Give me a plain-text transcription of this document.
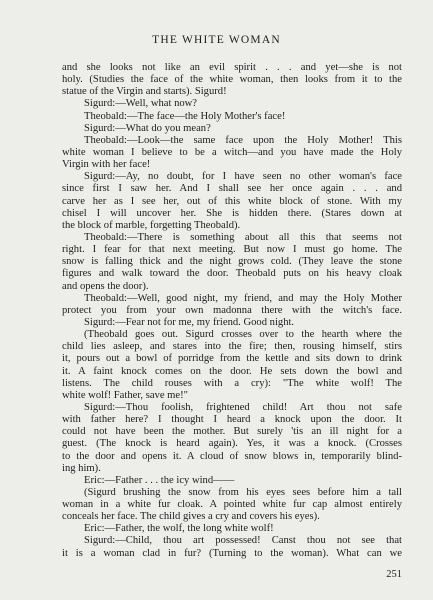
THE WHITE WOMAN
and she looks not like an evil spirit . . . and yet—she is not
holy. (Studies the face of the white woman, then looks from it to the
statue of the Virgin and starts). Sigurd!
Sigurd:—Well, what now?
Theobald:—The face—the Holy Mother's face!
Sigurd:—What do you mean?
Theobald:—Look—the same face upon the Holy Mother! This
white woman I believe to be a witch—and you have made the Holy
Virgin with her face!
Sigurd:—Ay, no doubt, for I have seen no other woman's face
since first I saw her. And I shall see her once again . . . and
carve her as I see her, out of this white block of stone. With my
chisel I will uncover her. She is hidden there. (Stares down at
the block of marble, forgetting Theobald).
Theobald:—There is something about all this that seems not
right. I fear for that next meeting. But now I must go home. The
snow is falling thick and the night grows cold. (They leave the stone
figures and walk toward the door. Theobald puts on his heavy cloak
and opens the door).
Theobald:—Well, good night, my friend, and may the Holy Mother
protect you from your own madonna there with the witch's face.
Sigurd:—Fear not for me, my friend. Good night.
(Theobald goes out. Sigurd crosses over to the hearth where the
child lies asleep, and stares into the fire; then, rousing himself, stirs
it, pours out a bowl of porridge from the kettle and sits down to drink
it. A faint knock comes on the door. He sets down the bowl and
listens. The child rouses with a cry): "The white wolf! The
white wolf! Father, save me!"
Sigurd:—Thou foolish, frightened child! Art thou not safe
with father here? I thought I heard a knock upon the door. It
could not have been the mother. But surely 'tis an ill night for a
guest. (The knock is heard again). Yes, it was a knock. (Crosses
to the door and opens it. A cloud of snow blows in, temporarily blind-
ing him).
Eric:—Father . . . the icy wind——
(Sigurd brushing the snow from his eyes sees before him a tall
woman in a white fur cloak. A pointed white fur cap almost entirely
conceals her face. The child gives a cry and covers his eyes).
Eric:—Father, the wolf, the long white wolf!
Sigurd:—Child, thou art possessed! Canst thou not see that
it is a woman clad in fur? (Turning to the woman). What can we
251
